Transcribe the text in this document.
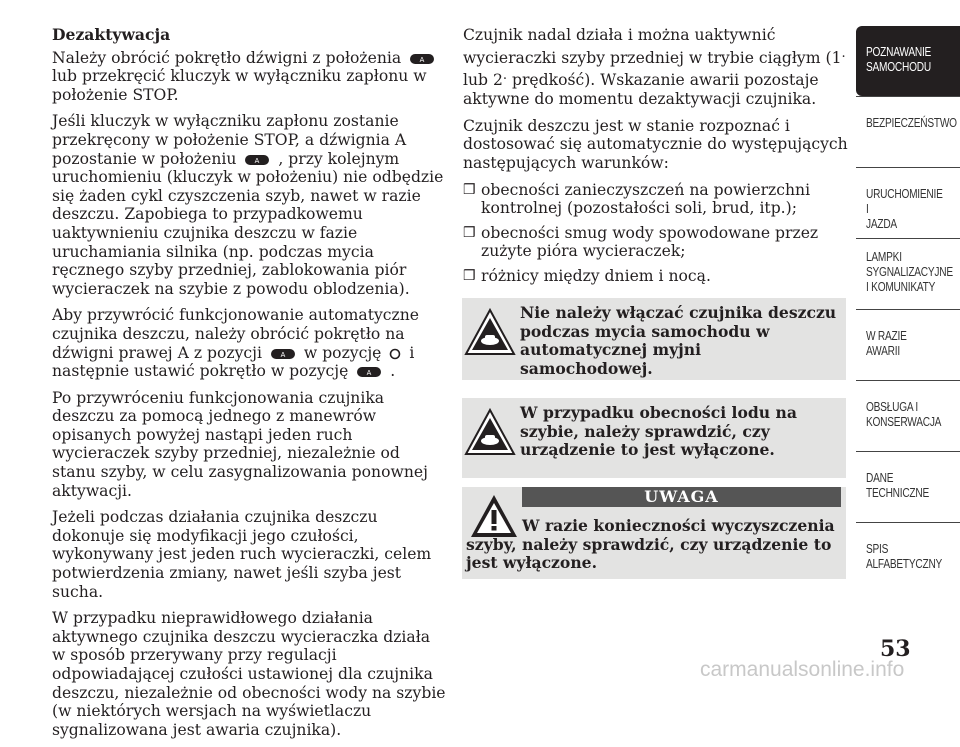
Dezaktywacja

Należy obrócić pokrętło dźwigni z położenia	A
lub przekręcić kluczyk w wyłączniku zapłonu w położenie STOP.

Jeśli kluczyk w wyłączniku zapłonu zostanie przekręcony w położenie STOP, a dźwignia A pozostanie w położeniu	A , przy kolejnym uruchomieniu (kluczyk w położeniu) nie odbędzie się żaden cykl czyszczenia szyb, nawet w razie deszczu. Zapobiega to przypadkowemu uaktywnieniu czujnika deszczu w fazie uruchamiania silnika (np. podczas mycia ręcznego szyby przedniej, zablokowania piór wycieraczek na szybie z powodu oblodzenia).

Aby przywrócić funkcjonowanie automatyczne czujnika deszczu, należy obrócić pokrętło na dźwigni prawej A z pozycji	A w pozycję i następnie ustawić pokrętło w pozycję	A .

Po przywróceniu funkcjonowania czujnika deszczu za pomocą jednego z manewrów opisanych powyżej nastąpi jeden ruch wycieraczek szyby przedniej, niezależnie od stanu szyby, w celu zasygnalizowania ponownej aktywacji.

Jeżeli podczas działania czujnika deszczu dokonuje się modyfikacji jego czułości, wykonywany jest jeden ruch wycieraczki, celem potwierdzenia zmiany, nawet jeśli szyba jest sucha.

W przypadku nieprawidłowego działania aktywnego czujnika deszczu wycieraczka działa w sposób przerywany przy regulacji odpowiadającej czułości ustawionej dla czujnika deszczu, niezależnie od obecności wody na szybie (w niektórych wersjach na wyświetlaczu sygnalizowana jest awaria czujnika).

Czujnik nadal działa i można uaktywnić wycieraczki szyby przedniej w trybie ciągłym (1. lub 2. prędkość). Wskazanie awarii pozostaje aktywne do momentu dezaktywacji czujnika.

Czujnik deszczu jest w stanie rozpoznać i dostosować się automatycznie do występujących następujących warunków:

❒ obecności zanieczyszczeń na powierzchni kontrolnej (pozostałości soli, brud, itp.);
❒ obecności smug wody spowodowane przez zużyte pióra wycieraczek;
❒ różnicy między dniem i nocą.
Nie należy włączać czujnika deszczu podczas mycia samochodu w automatycznej myjni samochodowej.
W przypadku obecności lodu na szybie, należy sprawdzić, czy urządzenie to jest wyłączone.
UWAGA
W razie konieczności wyczyszczenia szyby, należy sprawdzić, czy urządzenie to jest wyłączone.
POZNAWANIE
SAMOCHODU
BEZPIECZEŃSTWO
URUCHOMIENIE I
JAZDA
LAMPKI
SYGNALIZACYJNE
I KOMUNIKATY
W RAZIE AWARII
OBSŁUGA I
KONSERWACJA
DANE
TECHNICZNE
SPIS
ALFABETYCZNY
53
carmanualsonline.info
